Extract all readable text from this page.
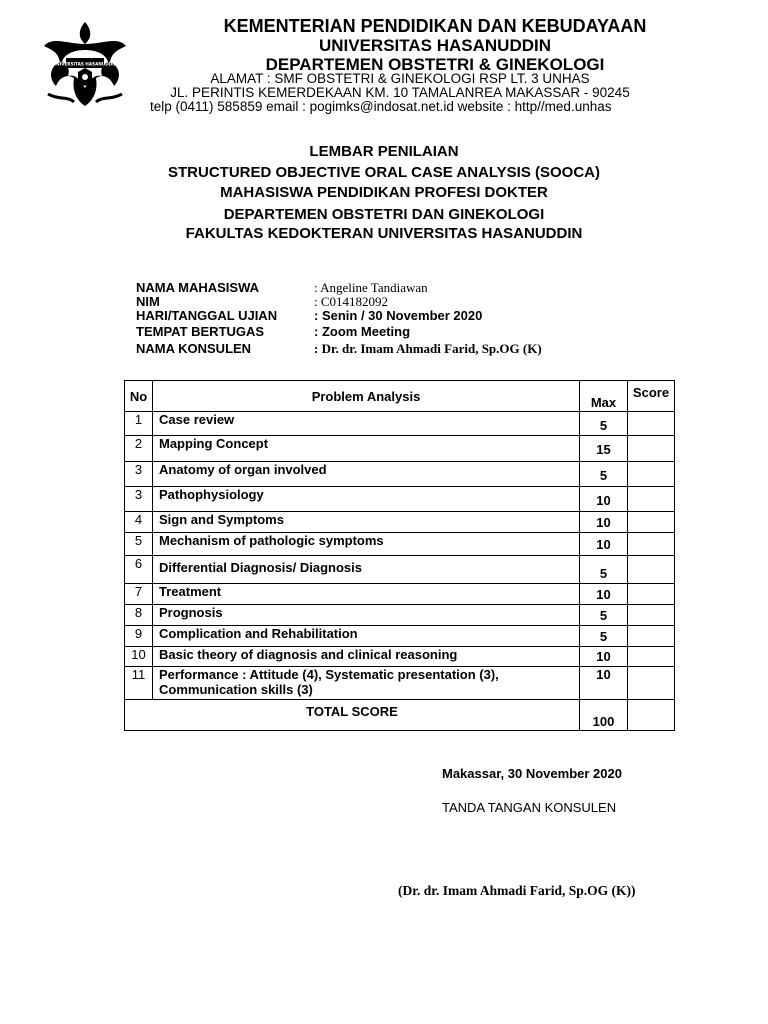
UNIVERSITAS HASANUDDIN
KEMENTERIAN PENDIDIKAN DAN KEBUDAYAAN
UNIVERSITAS HASANUDDIN
DEPARTEMEN OBSTETRI & GINEKOLOGI
ALAMAT : SMF OBSTETRI & GINEKOLOGI RSP LT. 3 UNHAS
JL. PERINTIS KEMERDEKAAN KM. 10 TAMALANREA MAKASSAR - 90245
telp (0411) 585859 email : pogimks@indosat.net.id website : http//med.unhas
LEMBAR PENILAIAN
STRUCTURED OBJECTIVE ORAL CASE ANALYSIS (SOOCA)
MAHASISWA PENDIDIKAN PROFESI DOKTER
DEPARTEMEN OBSTETRI DAN GINEKOLOGI
FAKULTAS KEDOKTERAN UNIVERSITAS HASANUDDIN
NAMA MAHASISWA	: Angeline Tandiawan
NIM	: C014182092
HARI/TANGGAL UJIAN	: Senin / 30 November 2020
TEMPAT BERTUGAS	: Zoom Meeting
NAMA KONSULEN	: Dr. dr. Imam Ahmadi Farid, Sp.OG (K)
No	Problem Analysis	Max	Score
1	Case review	5	

2	Mapping Concept	15	

3	Anatomy of organ involved	5	

3	Pathophysiology	10	

4	Sign and Symptoms	10	

5	Mechanism of pathologic symptoms	10	

6	Differential Diagnosis/ Diagnosis	5	

7	Treatment	10	

8	Prognosis	5	

9	Complication and Rehabilitation	5	

10	Basic theory of diagnosis and clinical reasoning	10	

11	Performance : Attitude (4), Systematic presentation (3), Communication skills (3)	10	

TOTAL SCORE		100	
Makassar, 30 November 2020
TANDA TANGAN KONSULEN
(Dr. dr. Imam Ahmadi Farid, Sp.OG (K))
